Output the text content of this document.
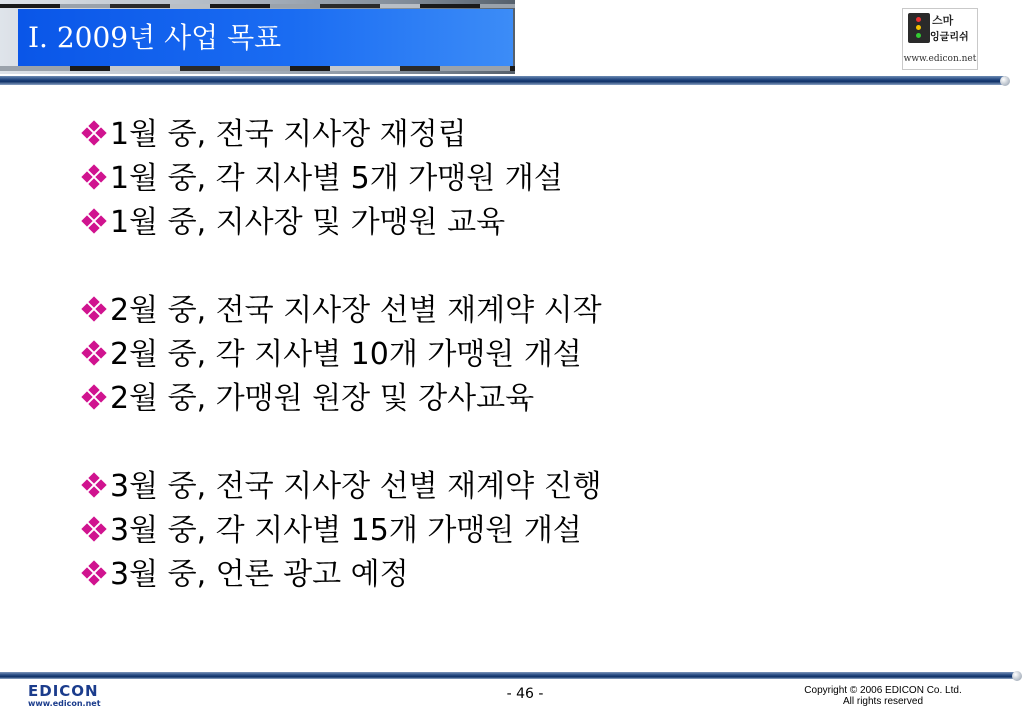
I. 2009년 사업 목표
스마
잉글리쉬
www.edicon.net
1월 중, 전국 지사장 재정립
1월 중, 각 지사별 5개 가맹원 개설
1월 중, 지사장 및 가맹원 교육
2월 중, 전국 지사장 선별 재계약 시작
2월 중, 각 지사별 10개 가맹원 개설
2월 중, 가맹원 원장 및 강사교육
3월 중, 전국 지사장 선별 재계약 진행
3월 중, 각 지사별 15개 가맹원 개설
3월 중, 언론 광고 예정
EDICON
www.edicon.net
- 46 -	Copyright © 2006 EDICON Co. Ltd.
All rights reserved
